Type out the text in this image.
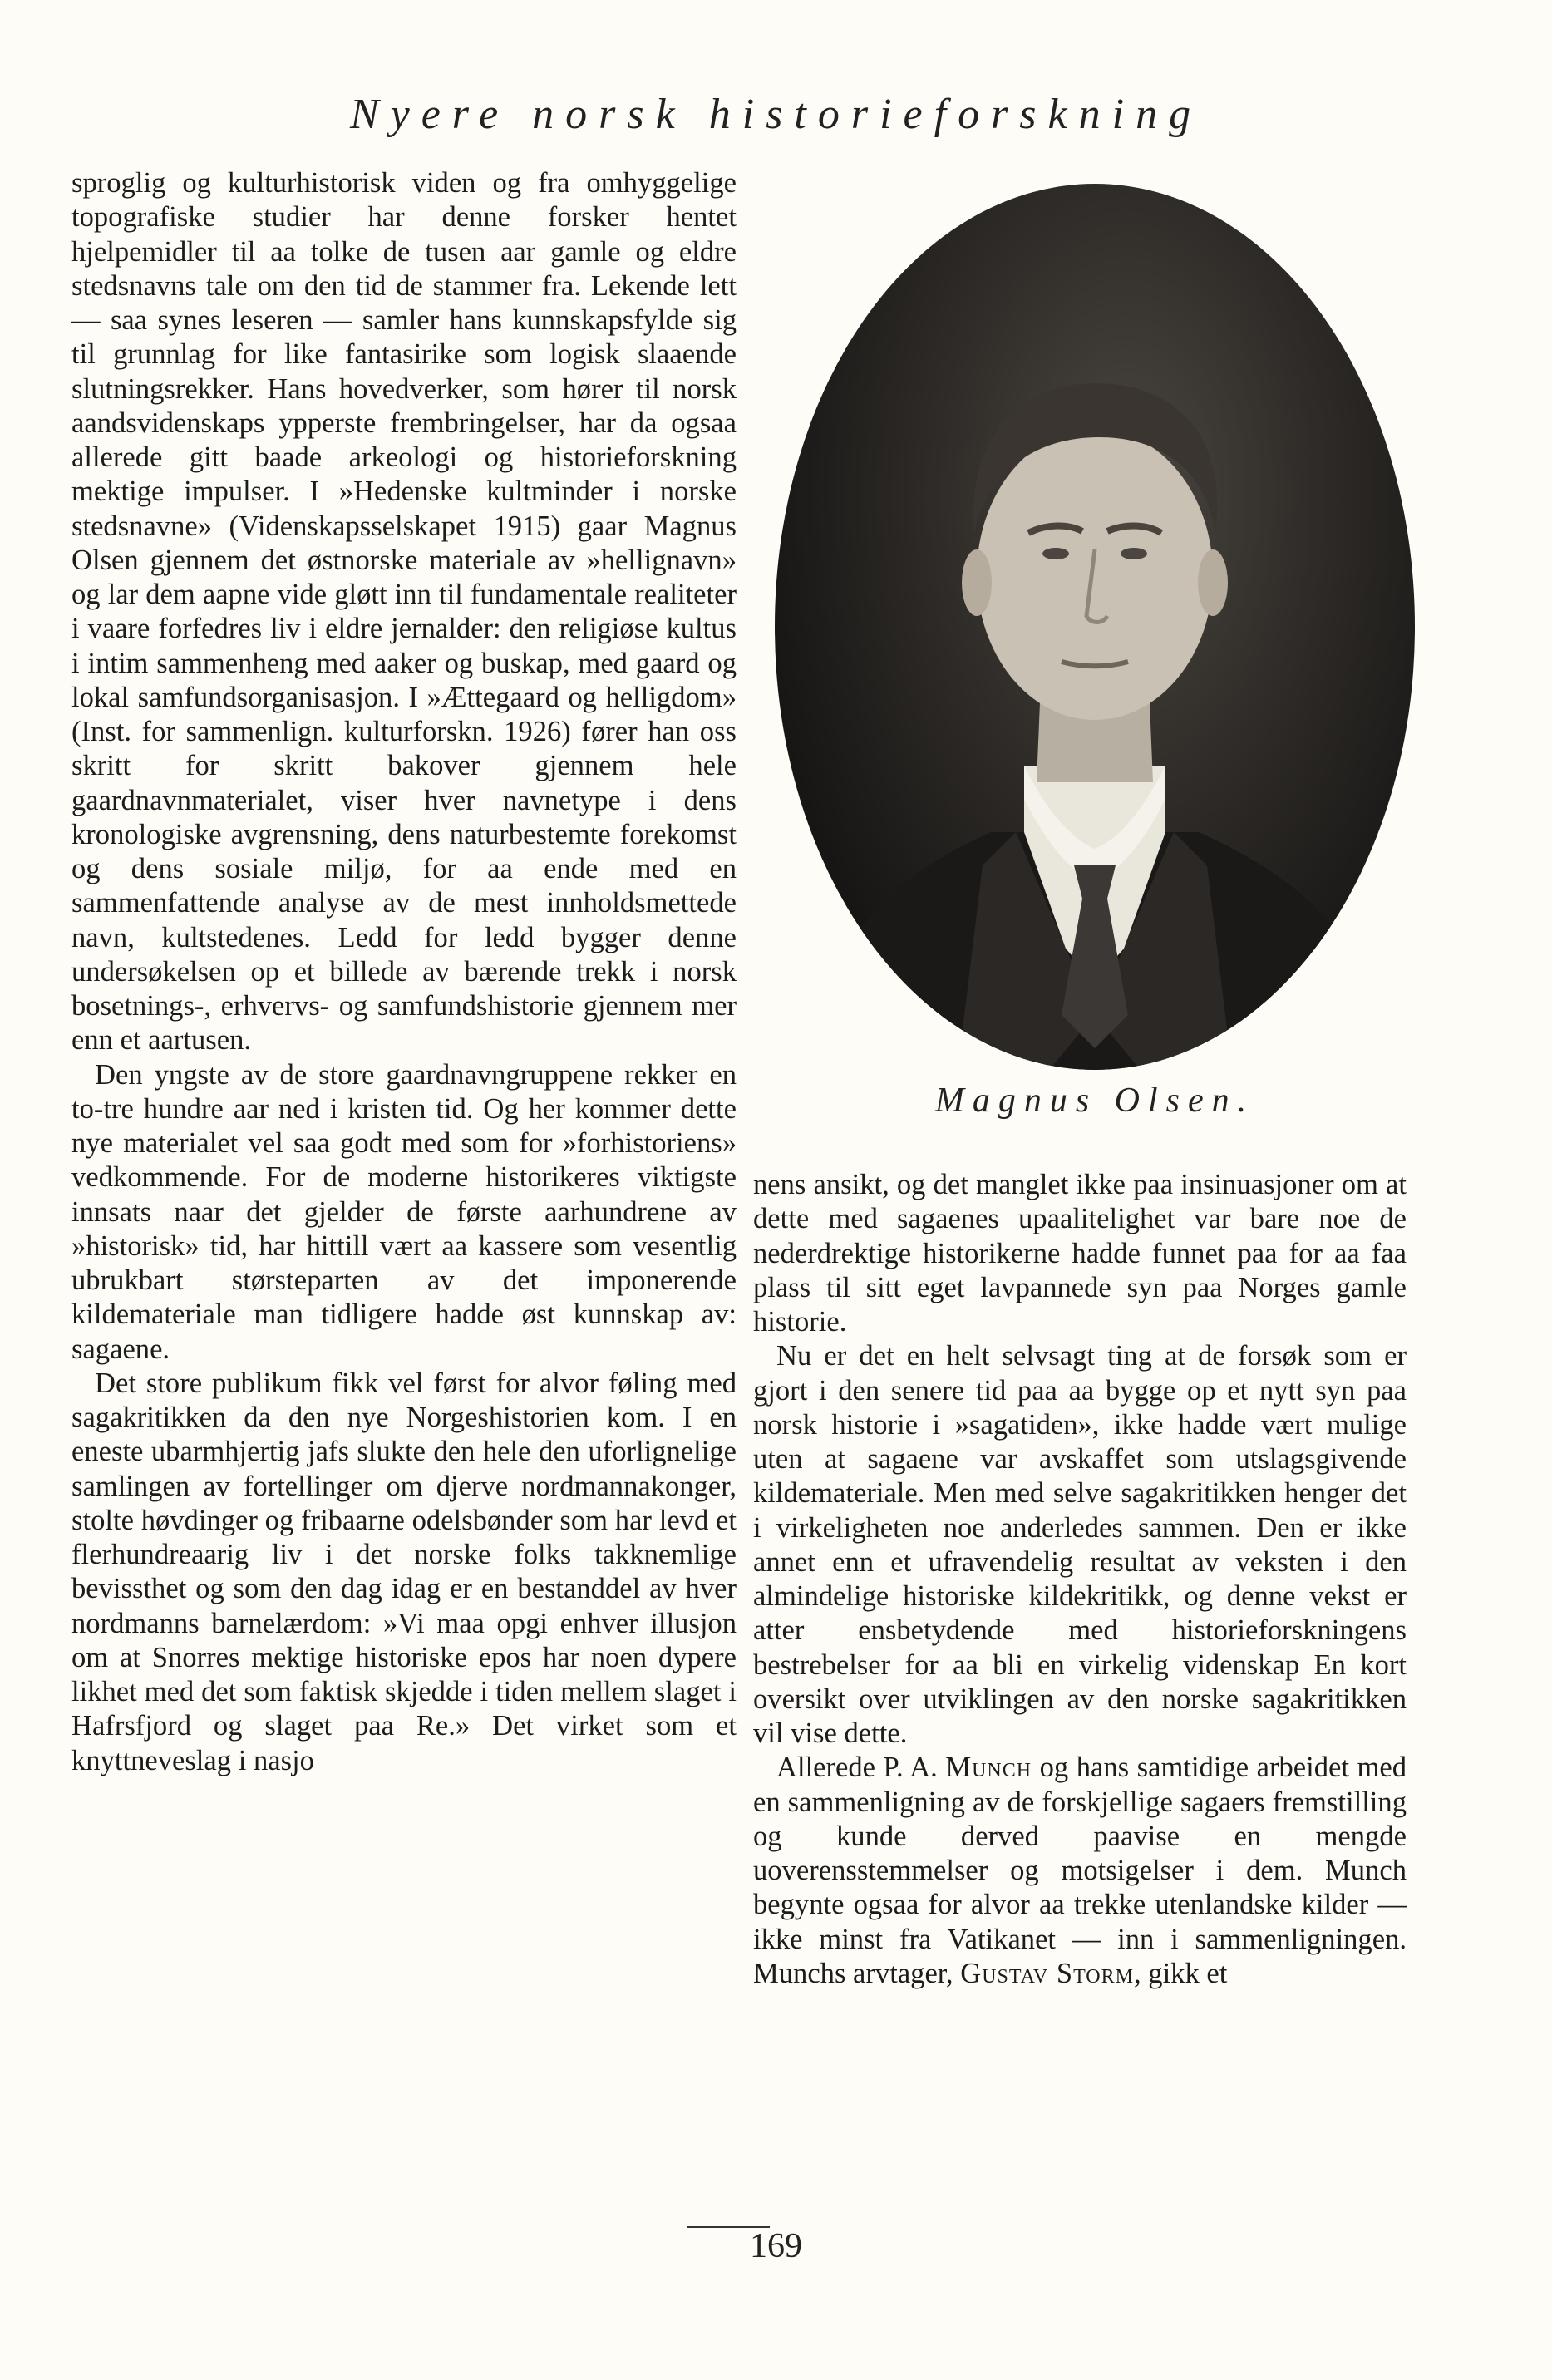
Nyere norsk historieforskning

sproglig og kulturhistorisk viden og fra omhyggelige topografiske studier har denne forsker hentet hjelpemidler til aa tolke de tusen aar gamle og eldre stedsnavns tale om den tid de stammer fra. Lekende lett — saa synes leseren — samler hans kunnskapsfylde sig til grunnlag for like fantasirike som logisk slaaende slutningsrekker. Hans hovedverker, som hører til norsk aandsvidenskaps ypperste frembringelser, har da ogsaa allerede gitt baade arkeologi og historieforskning mektige impulser. I »Hedenske kultminder i norske stedsnavne» (Videnskapsselskapet 1915) gaar Magnus Olsen gjennem det østnorske materiale av »hellignavn» og lar dem aapne vide gløtt inn til fundamentale realiteter i vaare forfedres liv i eldre jernalder: den religiøse kultus i intim sammenheng med aaker og buskap, med gaard og lokal samfundsorganisasjon. I »Ættegaard og helligdom» (Inst. for sammenlign. kulturforskn. 1926) fører han oss skritt for skritt bakover gjennem hele gaardnavnmaterialet, viser hver navnetype i dens kronologiske avgrensning, dens naturbestemte forekomst og dens sosiale miljø, for aa ende med en sammenfattende analyse av de mest innholdsmettede navn, kultstedenes. Ledd for ledd bygger denne undersøkelsen op et billede av bærende trekk i norsk bosetnings-, erhvervs- og samfundshistorie gjennem mer enn et aartusen.

Den yngste av de store gaardnavngruppene rekker en to-tre hundre aar ned i kristen tid. Og her kommer dette nye materialet vel saa godt med som for »forhistoriens» vedkommende. For de moderne historikeres viktigste innsats naar det gjelder de første aarhundrene av »historisk» tid, har hittill vært aa kassere som vesentlig ubrukbart størsteparten av det imponerende kildemateriale man tidligere hadde øst kunnskap av: sagaene.

Det store publikum fikk vel først for alvor føling med sagakritikken da den nye Norgeshistorien kom. I en eneste ubarmhjertig jafs slukte den hele den uforlignelige samlingen av fortellinger om djerve nordmannakonger, stolte høvdinger og fribaarne odelsbønder som har levd et flerhundreaarig liv i det norske folks takknemlige bevissthet og som den dag idag er en bestanddel av hver nordmanns barnelærdom: »Vi maa opgi enhver illusjon om at Snorres mektige historiske epos har noen dypere likhet med det som faktisk skjedde i tiden mellem slaget i Hafrsfjord og slaget paa Re.» Det virket som et knyttneveslag i nasjo

Magnus Olsen.

nens ansikt, og det manglet ikke paa insinuasjoner om at dette med sagaenes upaalitelighet var bare noe de nederdrektige historikerne hadde funnet paa for aa faa plass til sitt eget lavpannede syn paa Norges gamle historie.

Nu er det en helt selvsagt ting at de forsøk som er gjort i den senere tid paa aa bygge op et nytt syn paa norsk historie i »sagatiden», ikke hadde vært mulige uten at sagaene var avskaffet som utslagsgivende kildemateriale. Men med selve sagakritikken henger det i virkeligheten noe anderledes sammen. Den er ikke annet enn et ufravendelig resultat av veksten i den almindelige historiske kildekritikk, og denne vekst er atter ensbetydende med historieforskningens bestrebelser for aa bli en virkelig videnskap En kort oversikt over utviklingen av den norske sagakritikken vil vise dette.

Allerede P. A. Munch og hans samtidige arbeidet med en sammenligning av de forskjellige sagaers fremstilling og kunde derved paavise en mengde uoverensstemmelser og motsigelser i dem. Munch begynte ogsaa for alvor aa trekke utenlandske kilder — ikke minst fra Vatikanet — inn i sammenligningen. Munchs arvtager, Gustav Storm, gikk et

169
